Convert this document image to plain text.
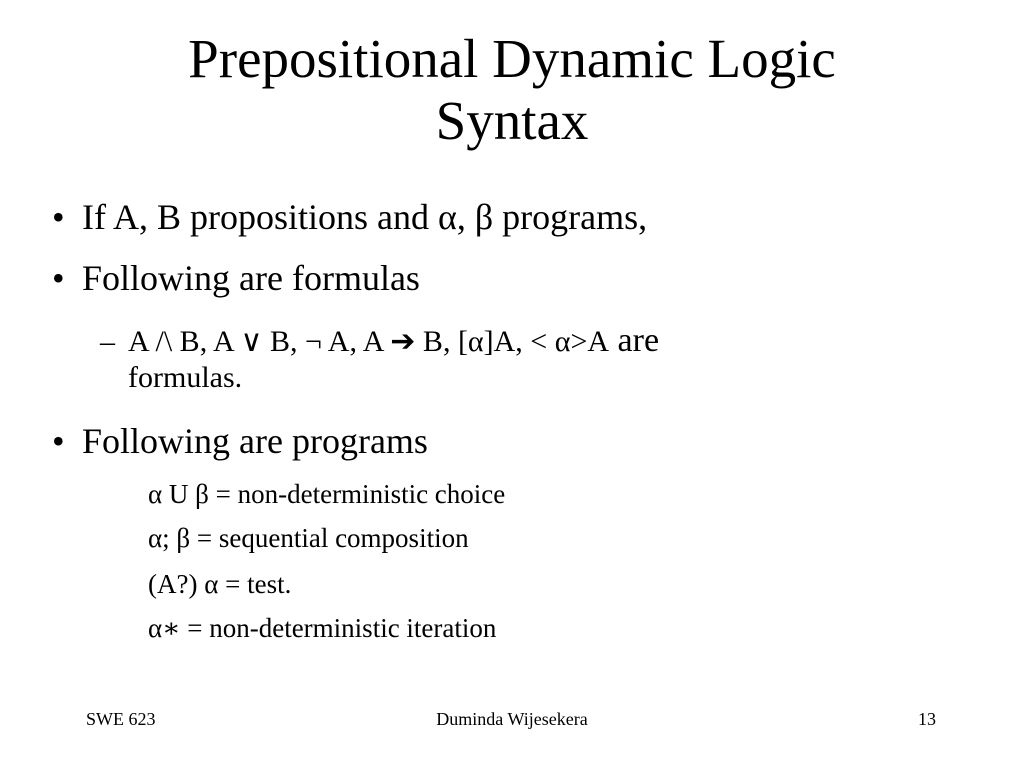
Prepositional Dynamic Logic
Syntax
• If A, B propositions and α, β programs,
• Following are formulas
– A /\ B, A ∨ B, ¬ A, A ➔ B, [α]A, < α>A are
formulas.
• Following are programs
α U β = non-deterministic choice
α; β = sequential composition
(A?) α = test.
α∗ = non-deterministic iteration
SWE 623	Duminda Wijesekera	13
